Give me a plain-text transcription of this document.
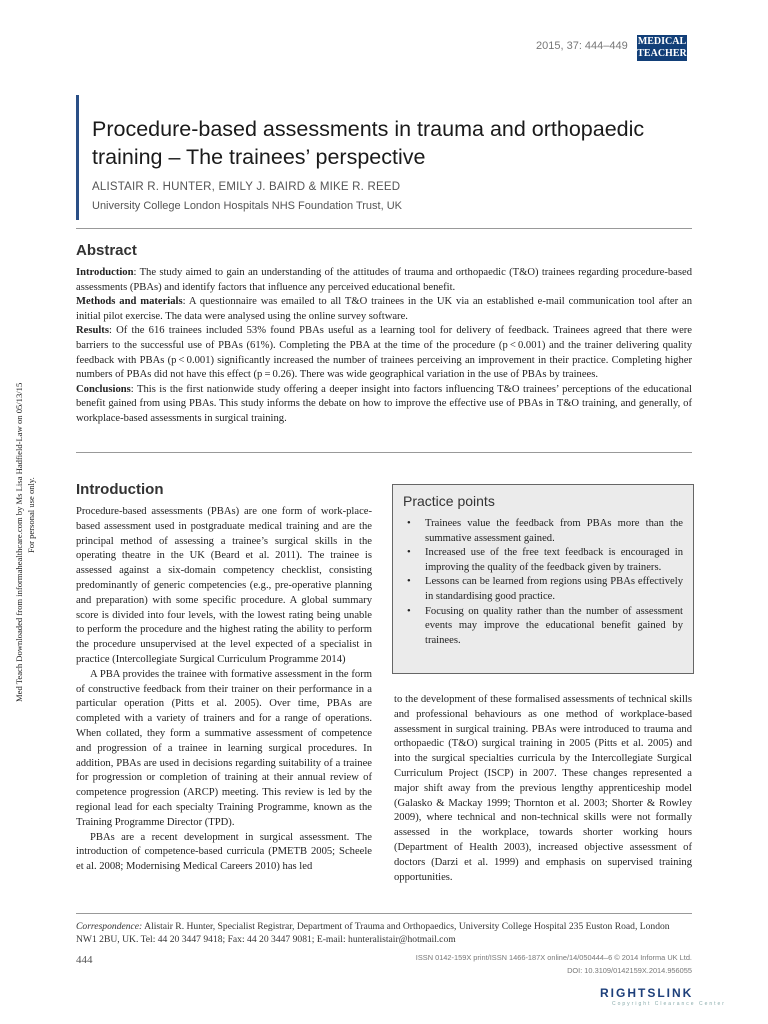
2015, 37: 444–449 MEDICAL
TEACHER
Procedure-based assessments in trauma and orthopaedic training – The trainees’ perspective
ALISTAIR R. HUNTER, EMILY J. BAIRD & MIKE R. REED
University College London Hospitals NHS Foundation Trust, UK
Abstract

Introduction: The study aimed to gain an understanding of the attitudes of trauma and orthopaedic (T&O) trainees regarding procedure-based assessments (PBAs) and identify factors that influence any perceived educational benefit.

Methods and materials: A questionnaire was emailed to all T&O trainees in the UK via an established e-mail communication tool after an initial pilot exercise. The data were analysed using the online survey software.

Results: Of the 616 trainees included 53% found PBAs useful as a learning tool for delivery of feedback. Trainees agreed that there were barriers to the successful use of PBAs (61%). Completing the PBA at the time of the procedure (p < 0.001) and the trainer delivering quality feedback with PBAs (p < 0.001) significantly increased the number of trainees perceiving an improvement in their practice. Completing higher numbers of PBAs did not have this effect (p = 0.26). There was wide geographical variation in the use of PBAs by trainees.

Conclusions: This is the first nationwide study offering a deeper insight into factors influencing T&O trainees’ perceptions of the educational benefit gained from using PBAs. This study informs the debate on how to improve the effective use of PBAs in T&O training, and generally, of workplace-based assessments in surgical training.

Introduction

Procedure-based assessments (PBAs) are one form of work-place-based assessment used in postgraduate medical training and are the principal method of assessing a trainee’s surgical skills in the operating theatre in the UK (Beard et al. 2011). The trainee is assessed against a six-domain competency checklist, consisting predominantly of generic competencies (e.g., pre-operative planning and preparation) with some specific procedure. A global summary score is divided into four levels, with the lowest rating being unable to perform the procedure and the highest rating the ability to perform the procedure unsupervised at the level expected of a specialist in practice (Intercollegiate Surgical Curriculum Programme 2014)

A PBA provides the trainee with formative assessment in the form of constructive feedback from their trainer on their performance in a particular operation (Pitts et al. 2005). Over time, PBAs are completed with a variety of trainers and for a range of operations. When collated, they form a summative assessment of competence and progression of a trainee in learning surgical procedures. In addition, PBAs are used in decisions regarding suitability of a trainee for progression or completion of training at their annual review of competence progression (ARCP) meeting. This review is led by the regional lead for each specialty Training Programme, known as the Training Programme Director (TPD).

PBAs are a recent development in surgical assessment. The introduction of competence-based curricula (PMETB 2005; Scheele et al. 2008; Modernising Medical Careers 2010) has led

Practice points
• Trainees value the feedback from PBAs more than the summative assessment gained.
• Increased use of the free text feedback is encouraged in improving the quality of the feedback given by trainers.
• Lessons can be learned from regions using PBAs effectively in standardising good practice.
• Focusing on quality rather than the number of assessment events may improve the educational benefit gained by trainees.

to the development of these formalised assessments of technical skills and professional behaviours as one method of workplace-based assessment in surgical training. PBAs were introduced to trauma and orthopaedic (T&O) surgical training in 2005 (Pitts et al. 2005) and into the surgical specialties curricula by the Intercollegiate Surgical Curriculum Project (ISCP) in 2007. These changes represented a major shift away from the previous lengthy apprenticeship model (Galasko & Mackay 1999; Thornton et al. 2003; Shorter & Rowley 2009), where technical and non-technical skills were not formally assessed in the workplace, towards shorter working hours (Department of Health 2003), increased objective assessment of doctors (Darzi et al. 1999) and emphasis on supervised training opportunities.

Med Teach Downloaded from informahealthcare.com by Ms Lisa Hadfield-Law on 05/13/15 For personal use only.
Correspondence: Alistair R. Hunter, Specialist Registrar, Department of Trauma and Orthopaedics, University College Hospital 235 Euston Road, London NW1 2BU, UK. Tel: 44 20 3447 9418; Fax: 44 20 3447 9081; E-mail: hunteralistair@hotmail.com
444	ISSN 0142-159X print/ISSN 1466-187X online/14/050444–6 © 2014 Informa UK Ltd.
DOI: 10.3109/0142159X.2014.956055
RIGHTSLINK
Copyright Clearance Center
